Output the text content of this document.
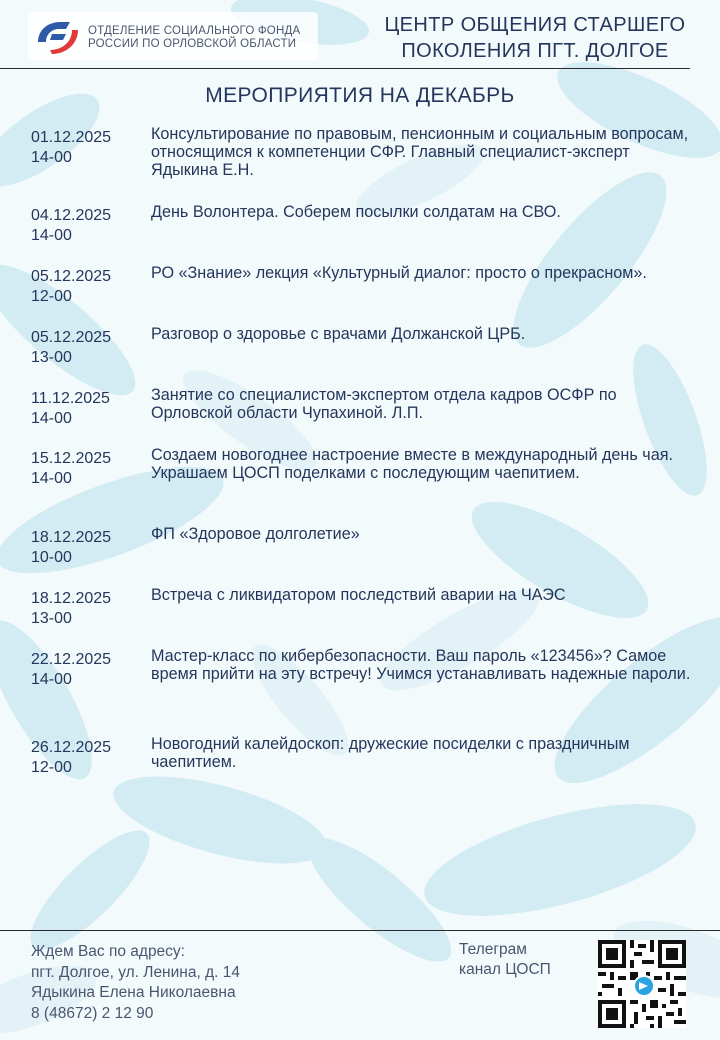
ОТДЕЛЕНИЕ СОЦИАЛЬНОГО ФОНДА
РОССИИ ПО ОРЛОВСКОЙ ОБЛАСТИ
ЦЕНТР ОБЩЕНИЯ СТАРШЕГО
ПОКОЛЕНИЯ ПГТ. ДОЛГОЕ
МЕРОПРИЯТИЯ НА ДЕКАБРЬ
01.12.2025
14-00
Консультирование по правовым, пенсионным и социальным вопросам, относящимся к компетенции СФР. Главный специалист-эксперт Ядыкина Е.Н.
04.12.2025
14-00
День Волонтера. Соберем посылки солдатам на СВО.
05.12.2025
12-00
РО «Знание» лекция «Культурный диалог: просто о прекрасном».
05.12.2025
13-00
Разговор о здоровье с врачами Должанской ЦРБ.
11.12.2025
14-00
Занятие со специалистом-экспертом отдела кадров ОСФР по Орловской области Чупахиной. Л.П.
15.12.2025
14-00
Создаем новогоднее настроение вместе в международный день чая. Украшаем ЦОСП поделками с последующим чаепитием.
18.12.2025
10-00
ФП «Здоровое долголетие»
18.12.2025
13-00
Встреча с ликвидатором последствий аварии на ЧАЭС
22.12.2025
14-00
Мастер-класс по кибербезопасности. Ваш пароль «123456»? Самое время прийти на эту встречу! Учимся устанавливать надежные пароли.
26.12.2025
12-00
Новогодний калейдоскоп: дружеские посиделки с праздничным чаепитием.
Ждем Вас по адресу:
пгт. Долгое, ул. Ленина, д. 14
Ядыкина Елена Николаевна
8 (48672) 2 12 90
Телеграм
канал ЦОСП
